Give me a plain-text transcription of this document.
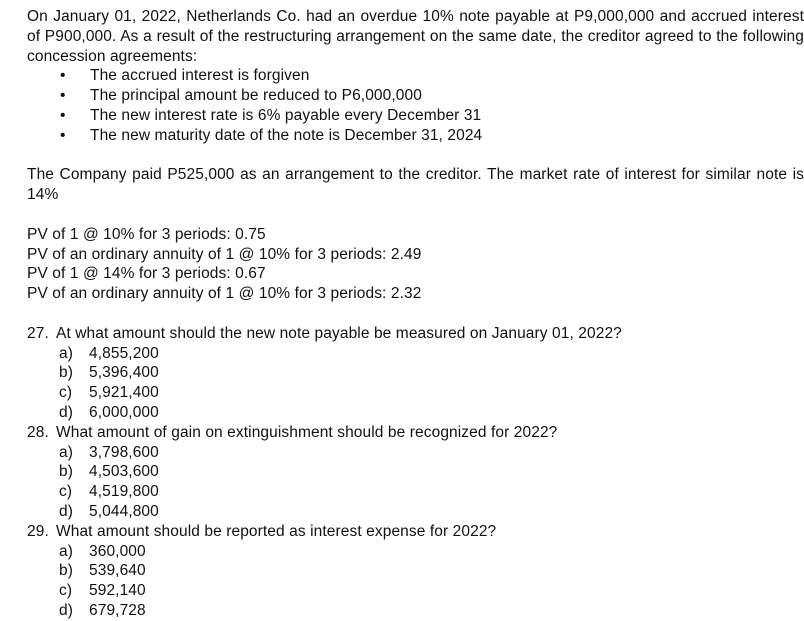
On January 01, 2022, Netherlands Co. had an overdue 10% note payable at P9,000,000 and accrued interest of P900,000. As a result of the restructuring arrangement on the same date, the creditor agreed to the following concession agreements:
• The accrued interest is forgiven
• The principal amount be reduced to P6,000,000
• The new interest rate is 6% payable every December 31
• The new maturity date of the note is December 31, 2024
The Company paid P525,000 as an arrangement to the creditor. The market rate of interest for similar note is 14%
PV of 1 @ 10% for 3 periods: 0.75
PV of an ordinary annuity of 1 @ 10% for 3 periods: 2.49
PV of 1 @ 14% for 3 periods: 0.67
PV of an ordinary annuity of 1 @ 10% for 3 periods: 2.32
27. At what amount should the new note payable be measured on January 01, 2022?
a) 4,855,200
b) 5,396,400
c) 5,921,400
d) 6,000,000
28. What amount of gain on extinguishment should be recognized for 2022?
a) 3,798,600
b) 4,503,600
c) 4,519,800
d) 5,044,800
29. What amount should be reported as interest expense for 2022?
a) 360,000
b) 539,640
c) 592,140
d) 679,728
